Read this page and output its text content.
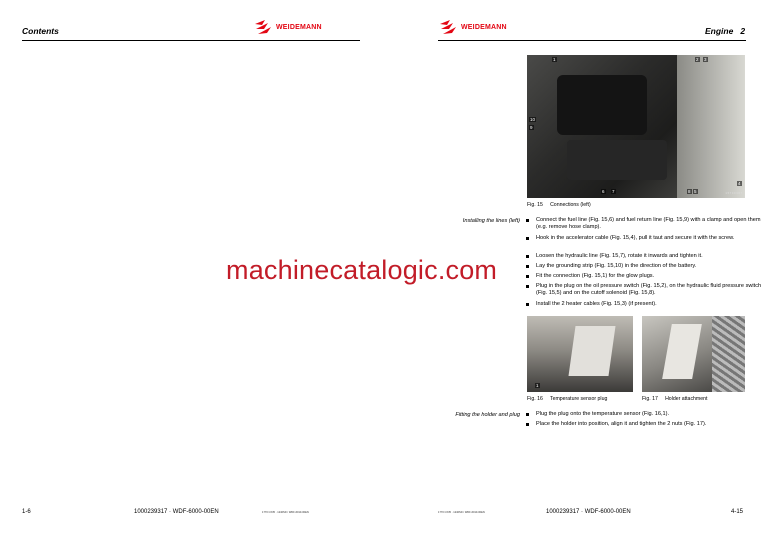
Contents	WEIDEMANN
1-6	1000239317 · WDF-6000-00EN	1770 CX35 · 1240SD / WDF-6010-00EN
WEIDEMANN	Engine   2
1	2 3
4
5
6 7	8
9
10
1 5 7 0 0 3 8 7
Fig. 15     Connections (left)
Installing the lines (left)	Connect the fuel line (Fig. 15,6) and fuel return line (Fig. 15,9) with a clamp and open them (e.g. remove hose clamp).
Hook in the accelerator cable (Fig. 15,4), pull it taut and secure it with the screw.
Loosen the hydraulic line (Fig. 15,7), rotate it inwards and tighten it.
Lay the grounding strip (Fig. 15,10) in the direction of the battery.
Fit the connection (Fig. 15,1) for the glow plugs.
Plug in the plug on the oil pressure switch (Fig. 15,2), on the hydraulic fluid pressure switch (Fig. 15,5) and on the cutoff solenoid (Fig. 15,8).
Install the 2 heater cables (Fig. 15,3) (if present).
1
Fig. 16     Temperature sensor plug	Fig. 17     Holder attachment
Fitting the holder and plug	Plug the plug onto the temperature sensor (Fig. 16,1).
Place the holder into position, align it and tighten the 2 nuts (Fig. 17).
1770 CX35 · 1240SD / WDF-6010-00EN	1000239317 · WDF-6000-00EN	4-15
machinecatalogic.com
